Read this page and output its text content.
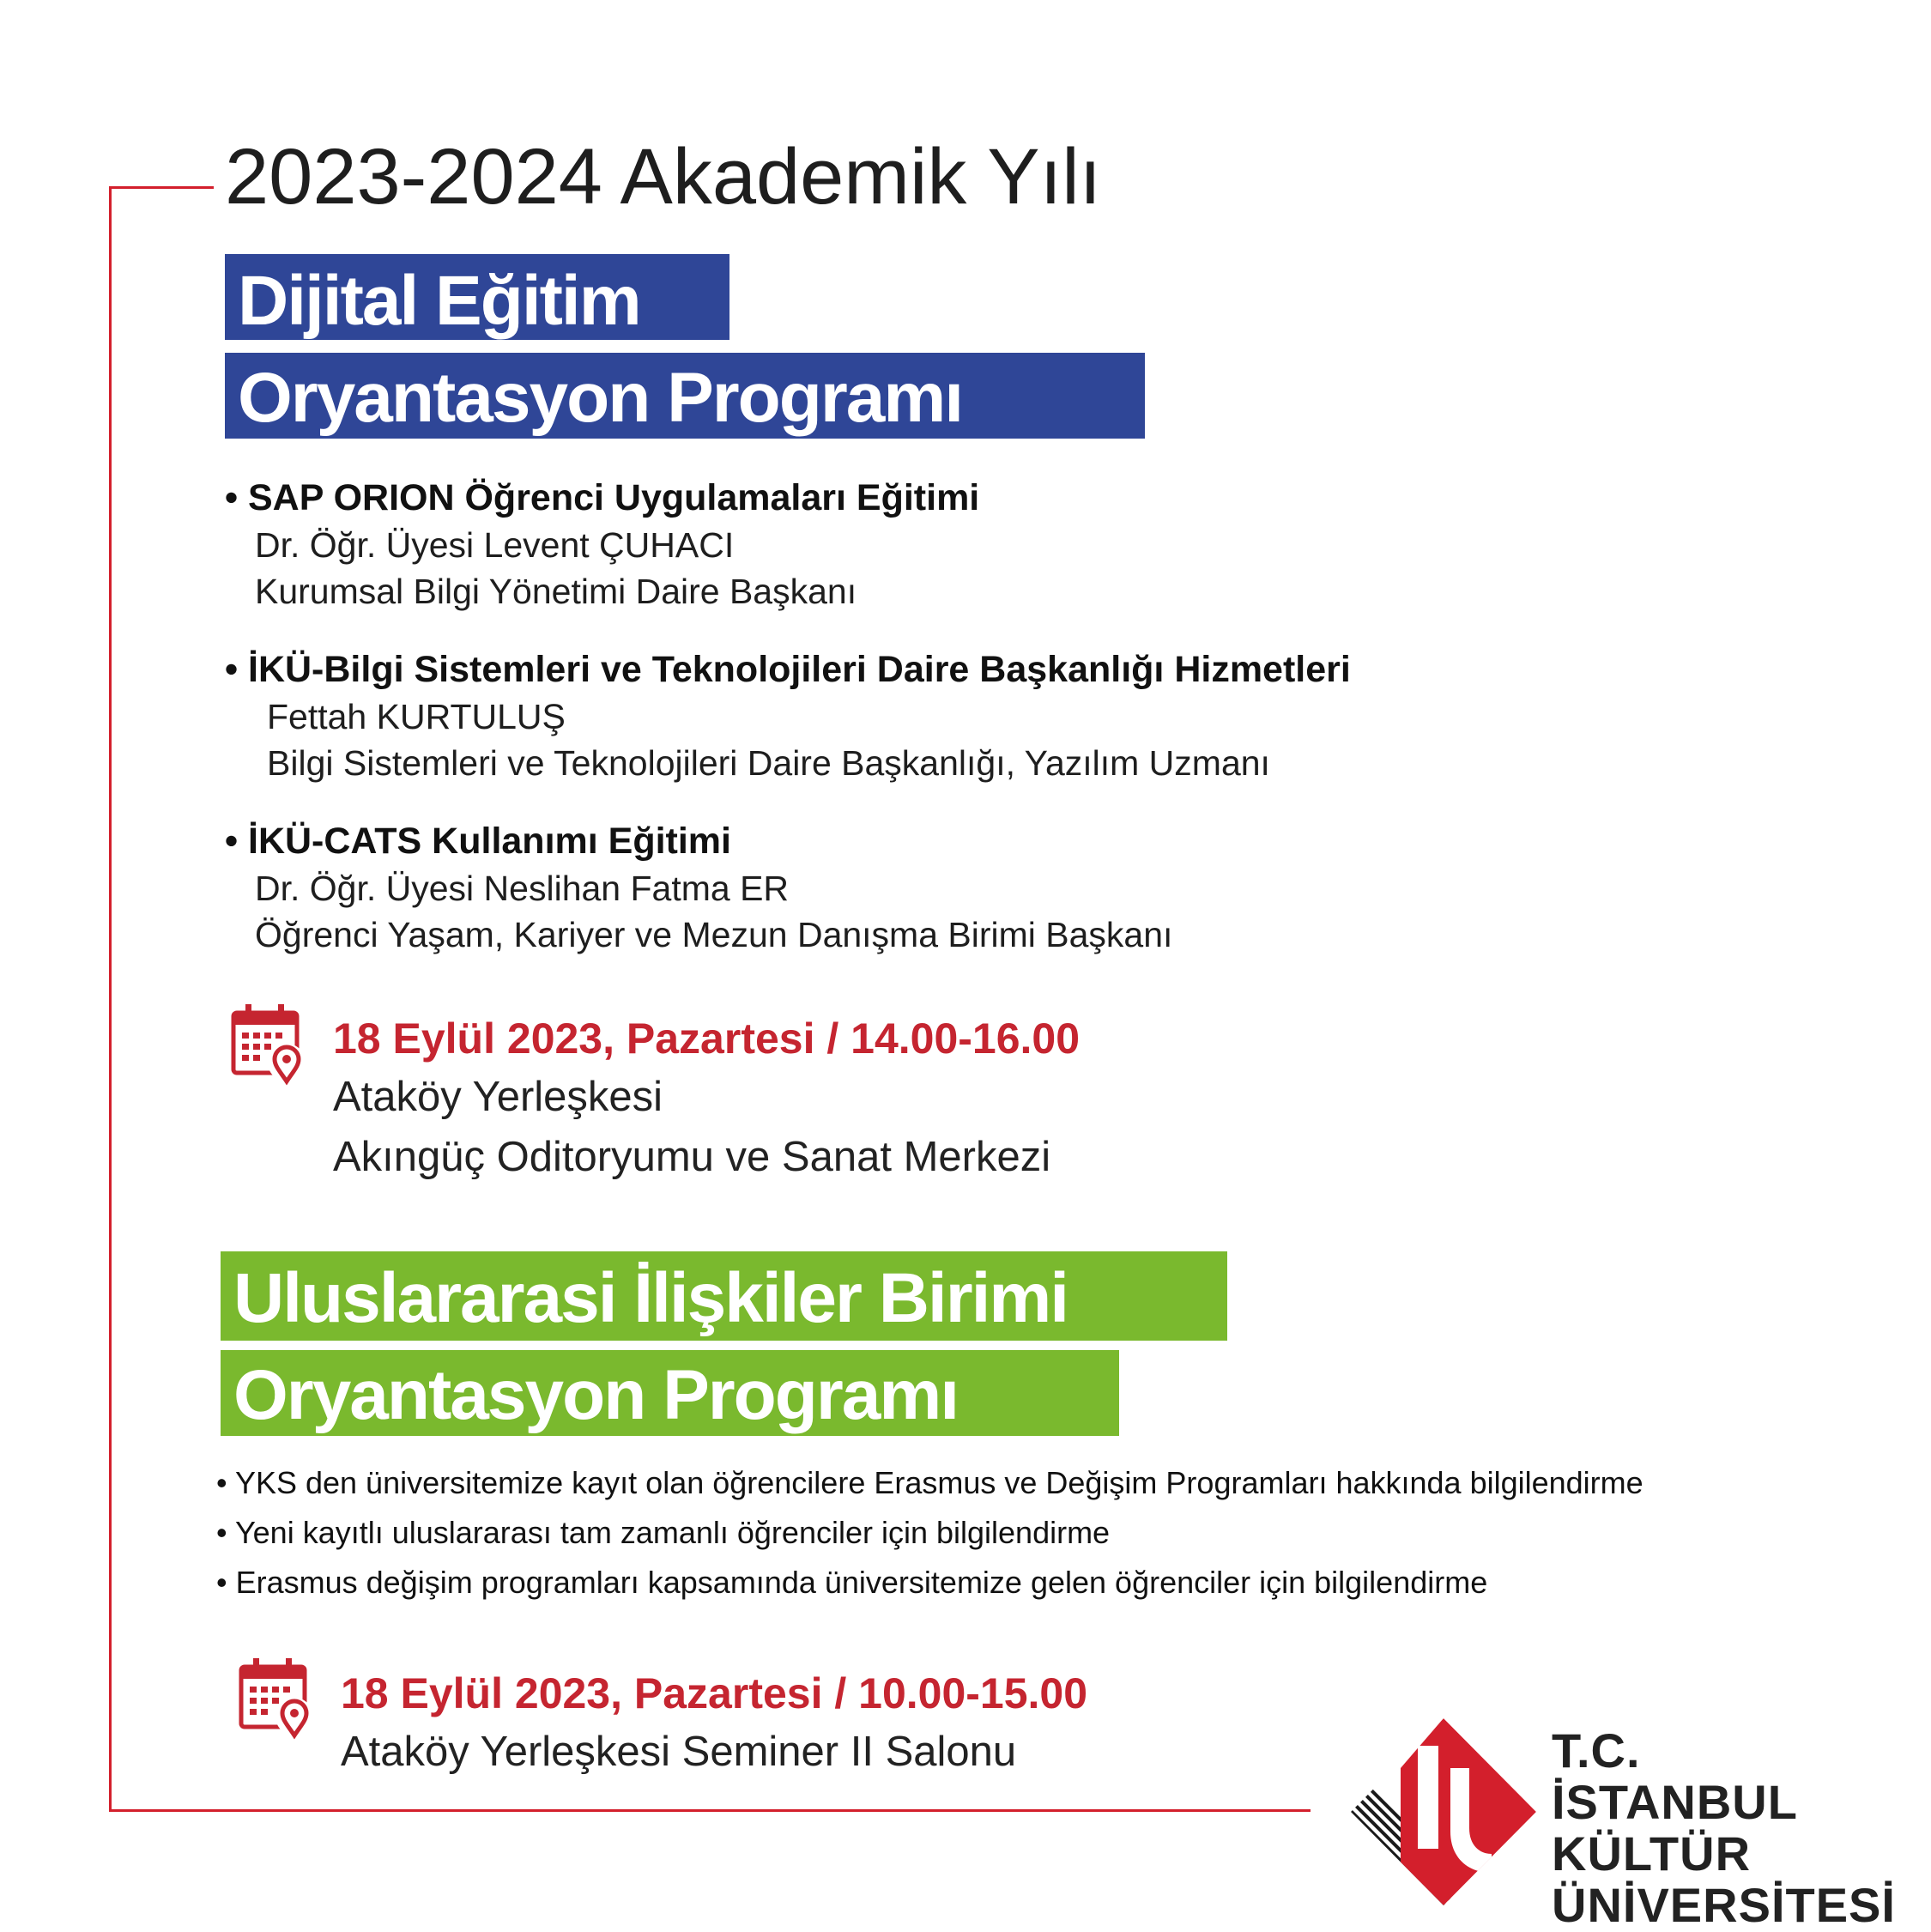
2023-2024 Akademik Yılı
Dijital Eğitim
Oryantasyon Programı
• SAP ORION Öğrenci Uygulamaları Eğitimi
Dr. Öğr. Üyesi Levent ÇUHACI
Kurumsal Bilgi Yönetimi Daire Başkanı
• İKÜ-Bilgi Sistemleri ve Teknolojileri Daire Başkanlığı Hizmetleri
Fettah KURTULUŞ
Bilgi Sistemleri ve Teknolojileri Daire Başkanlığı, Yazılım Uzmanı
• İKÜ-CATS Kullanımı Eğitimi
Dr. Öğr. Üyesi Neslihan Fatma ER
Öğrenci Yaşam, Kariyer ve Mezun Danışma Birimi Başkanı
18 Eylül 2023, Pazartesi / 14.00-16.00
Ataköy Yerleşkesi
Akıngüç Oditoryumu ve Sanat Merkezi
Uluslararasi İlişkiler Birimi
Oryantasyon Programı
• YKS den üniversitemize kayıt olan öğrencilere Erasmus ve Değişim Programları hakkında bilgilendirme
• Yeni kayıtlı uluslararası tam zamanlı öğrenciler için bilgilendirme
• Erasmus değişim programları kapsamında üniversitemize gelen öğrenciler için bilgilendirme
18 Eylül 2023, Pazartesi / 10.00-15.00
Ataköy Yerleşkesi Seminer II Salonu	T.C.
İSTANBUL
KÜLTÜR
ÜNİVERSİTESİ
